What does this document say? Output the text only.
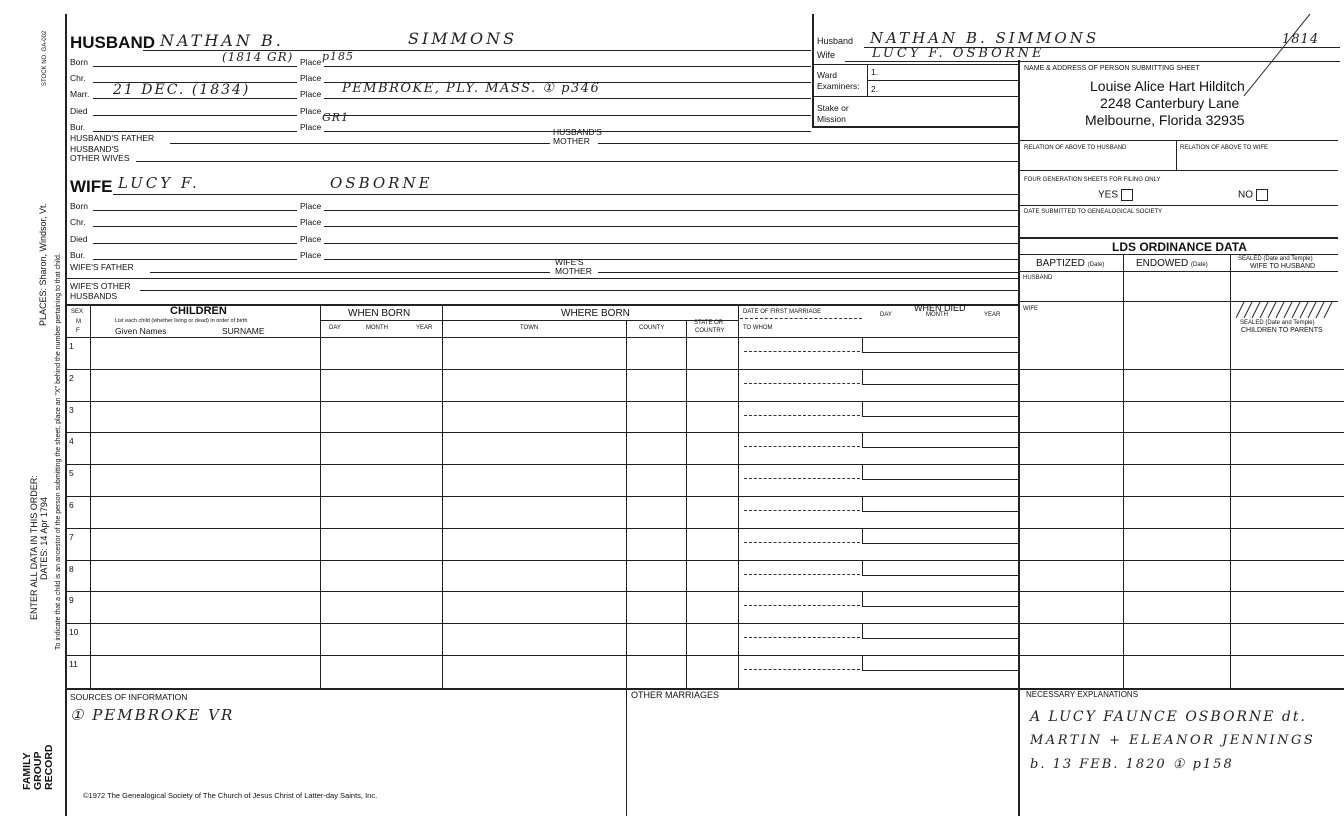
STOCK NO. GA-002
PLACES: Sharon, Windsor, Vt.
ENTER ALL DATA IN THIS ORDER: DATES: 14 Apr 1794 To indicate that a child is an ancestor of the person submitting the sheet, place an "X" behind the number pertaining to that child.
FAMILY GROUP RECORD
HUSBAND NATHAN B.	SIMMONS
Born	(1814 GR) Place p185
Chr.	Place
Marr. 21 DEC. (1834)	Place PEMBROKE, PLY. MASS. ① p346
Died	Place
Bur.	Place
GR1
HUSBAND'S FATHER
HUSBAND'S MOTHER
HUSBAND'S OTHER WIVES
WIFE LUCY F.	OSBORNE
Born	Place
Chr.	Place
Died	Place
Bur.	Place
WIFE'S FATHER	WIFE'S MOTHER
WIFE'S OTHER HUSBANDS
Husband NATHAN B. SIMMONS	1814
Wife	LUCY F. OSBORNE
Ward
Examiners:
1.
2.
Stake or Mission
NAME & ADDRESS OF PERSON SUBMITTING SHEET
Louise Alice Hart Hilditch
2248 Canterbury Lane
Melbourne, Florida 32935
RELATION OF ABOVE TO HUSBAND	RELATION OF ABOVE TO WIFE
FOUR GENERATION SHEETS FOR FILING ONLY
YES	NO
DATE SUBMITTED TO GENEALOGICAL SOCIETY
LDS ORDINANCE DATA
BAPTIZED (Date)	ENDOWED (Date)
SEALED (Date and Temple)
WIFE TO HUSBAND
HUSBAND
WIFE
SEALED (Date and Temple)
CHILDREN TO PARENTS
SEX
M
F
CHILDREN
List each child (whether living or dead) in order of birth
Given Names	SURNAME
WHEN BORN
DAY	MONTH	YEAR
WHERE BORN
TOWN	COUNTY
STATE OR
COUNTRY
DATE OF FIRST MARRIAGE
TO WHOM
WHEN DIED
DAY	MONTH	YEAR
1
2
3
4
5
6
7
8
9
10
11
SOURCES OF INFORMATION
① PEMBROKE VR
OTHER MARRIAGES	NECESSARY EXPLANATIONS
A LUCY FAUNCE OSBORNE dt.
MARTIN + ELEANOR JENNINGS
b. 13 FEB. 1820 ① p158
©1972 The Genealogical Society of The Church of Jesus Christ of Latter-day Saints, Inc.
